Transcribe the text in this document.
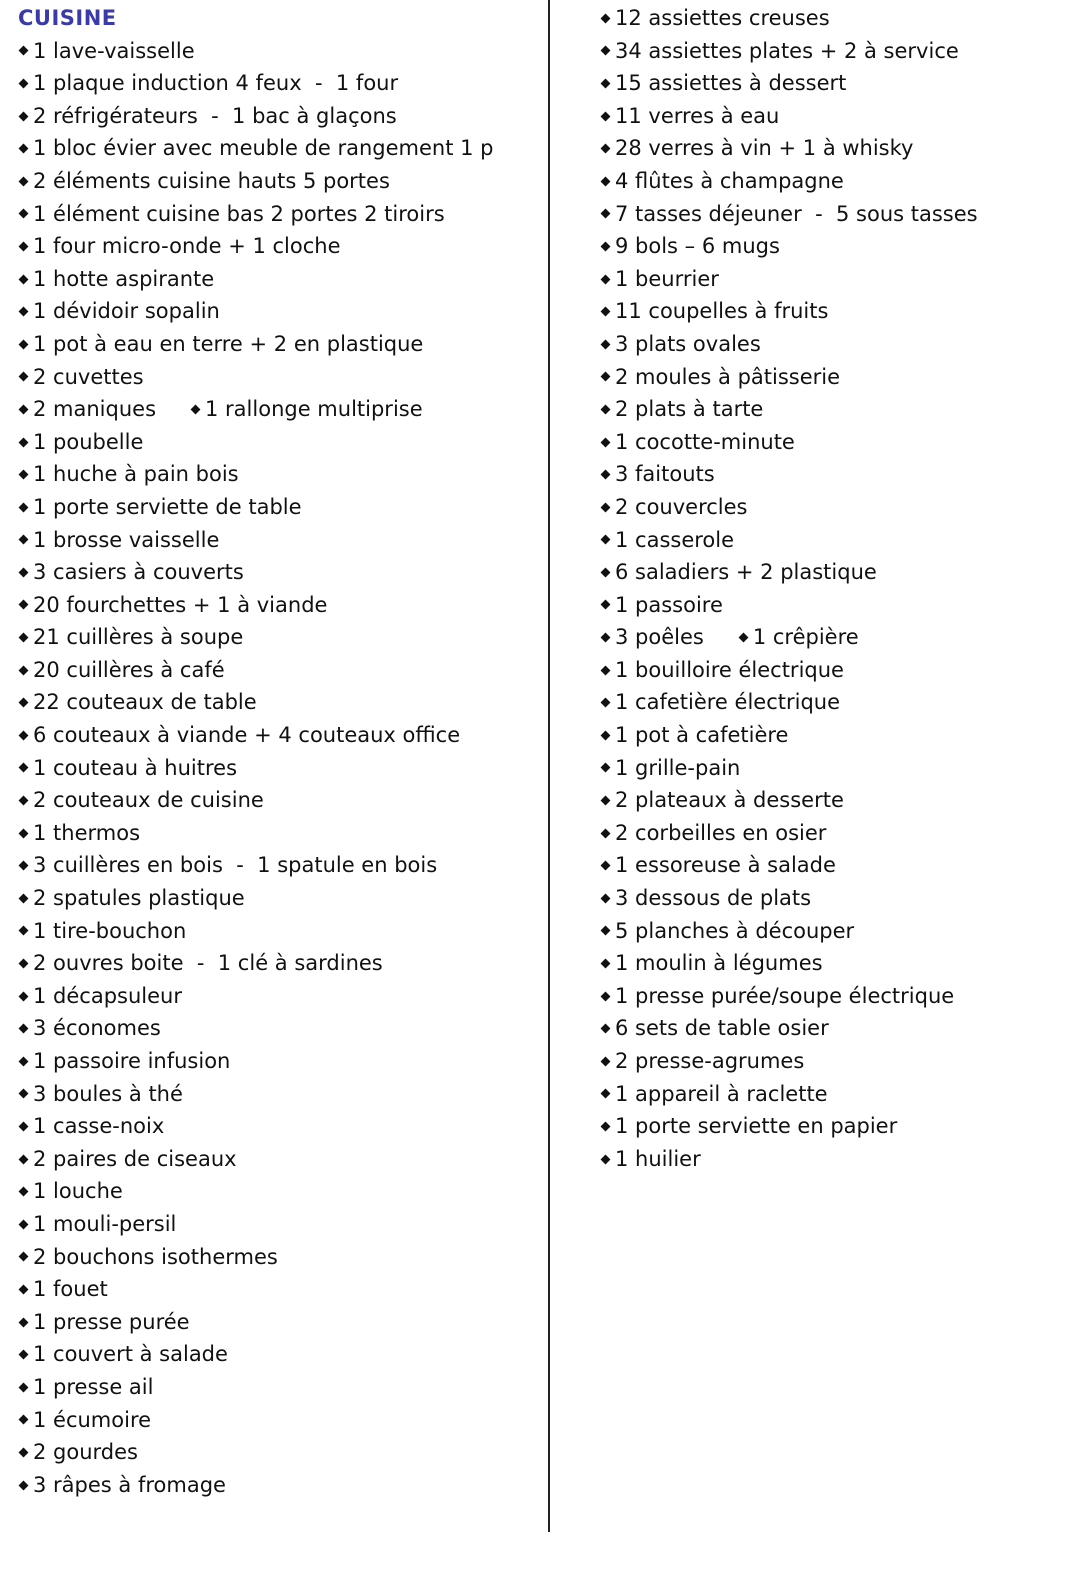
CUISINE
1 lave-vaisselle
1 plaque induction 4 feux  -  1 four
2 réfrigérateurs  -  1 bac à glaçons
1 bloc évier avec meuble de rangement 1 p
2 éléments cuisine hauts 5 portes
1 élément cuisine bas 2 portes 2 tiroirs
1 four micro-onde + 1 cloche
1 hotte aspirante
1 dévidoir sopalin
1 pot à eau en terre + 2 en plastique
2 cuvettes
2 maniques 1 rallonge multiprise
1 poubelle
1 huche à pain bois
1 porte serviette de table
1 brosse vaisselle
3 casiers à couverts
20 fourchettes + 1 à viande
21 cuillères à soupe
20 cuillères à café
22 couteaux de table
6 couteaux à viande + 4 couteaux office
1 couteau à huitres
2 couteaux de cuisine
1 thermos
3 cuillères en bois  -  1 spatule en bois
2 spatules plastique
1 tire-bouchon
2 ouvres boite  -  1 clé à sardines
1 décapsuleur
3 économes
1 passoire infusion
3 boules à thé
1 casse-noix
2 paires de ciseaux
1 louche
1 mouli-persil
2 bouchons isothermes
1 fouet
1 presse purée
1 couvert à salade
1 presse ail
1 écumoire
2 gourdes
3 râpes à fromage
12 assiettes creuses
34 assiettes plates + 2 à service
15 assiettes à dessert
11 verres à eau
28 verres à vin + 1 à whisky
4 flûtes à champagne
7 tasses déjeuner  -  5 sous tasses
9 bols – 6 mugs
1 beurrier
11 coupelles à fruits
3 plats ovales
2 moules à pâtisserie
2 plats à tarte
1 cocotte-minute
3 faitouts
2 couvercles
1 casserole
6 saladiers + 2 plastique
1 passoire
3 poêles 1 crêpière
1 bouilloire électrique
1 cafetière électrique
1 pot à cafetière
1 grille-pain
2 plateaux à desserte
2 corbeilles en osier
1 essoreuse à salade
3 dessous de plats
5 planches à découper
1 moulin à légumes
1 presse purée/soupe électrique
6 sets de table osier
2 presse-agrumes
1 appareil à raclette
1 porte serviette en papier
1 huilier
